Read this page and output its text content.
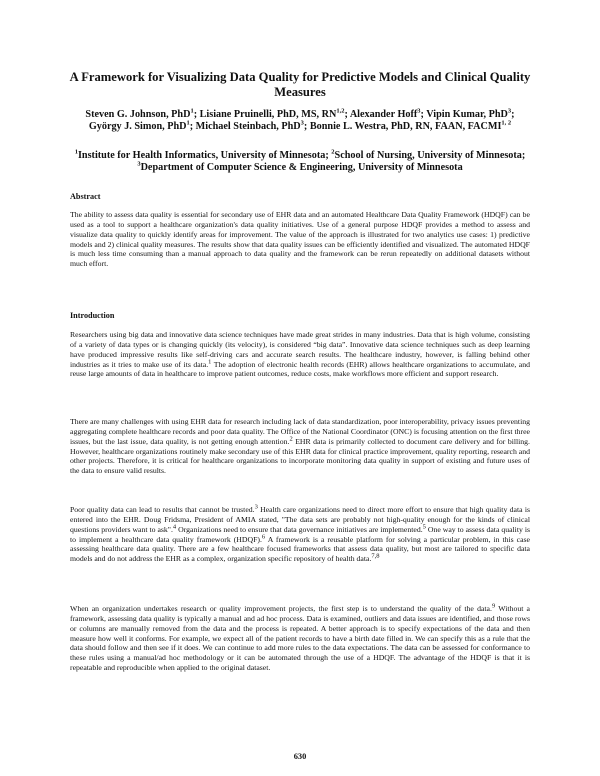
A Framework for Visualizing Data Quality for Predictive Models and Clinical Quality Measures
Steven G. Johnson, PhD$^1$; Lisiane Pruinelli, PhD, MS, RN$^{1,2}$; Alexander Hoff$^3$; Vipin Kumar, PhD$^3$; György J. Simon, PhD$^1$; Michael Steinbach, PhD$^3$; Bonnie L. Westra, PhD, RN, FAAN, FACMI$^{1, 2}$
$^1$Institute for Health Informatics, University of Minnesota; $^2$School of Nursing, University of Minnesota; $^3$Department of Computer Science & Engineering, University of Minnesota
Abstract

The ability to assess data quality is essential for secondary use of EHR data and an automated Healthcare Data Quality Framework (HDQF) can be used as a tool to support a healthcare organization's data quality initiatives. Use of a general purpose HDQF provides a method to assess and visualize data quality to quickly identify areas for improvement. The value of the approach is illustrated for two analytics use cases: 1) predictive models and 2) clinical quality measures. The results show that data quality issues can be efficiently identified and visualized. The automated HDQF is much less time consuming than a manual approach to data quality and the framework can be rerun repeatedly on additional datasets without much effort.

Introduction

Researchers using big data and innovative data science techniques have made great strides in many industries. Data that is high volume, consisting of a variety of data types or is changing quickly (its velocity), is considered “big data”. Innovative data science techniques such as deep learning have produced impressive results like self-driving cars and accurate search results. The healthcare industry, however, is falling behind other industries as it tries to make use of its data.$^1$ The adoption of electronic health records (EHR) allows healthcare organizations to accumulate, and reuse large amounts of data in healthcare to improve patient outcomes, reduce costs, make workflows more efficient and support research.

There are many challenges with using EHR data for research including lack of data standardization, poor interoperability, privacy issues preventing aggregating complete healthcare records and poor data quality. The Office of the National Coordinator (ONC) is focusing attention on the first three issues, but the last issue, data quality, is not getting enough attention.$^2$ EHR data is primarily collected to document care delivery and for billing. However, healthcare organizations routinely make secondary use of this EHR data for clinical practice improvement, quality reporting, research and other projects. Therefore, it is critical for healthcare organizations to incorporate monitoring data quality in support of existing and future uses of the data to ensure valid results.

Poor quality data can lead to results that cannot be trusted.$^3$ Health care organizations need to direct more effort to ensure that high quality data is entered into the EHR. Doug Fridsma, President of AMIA stated, "The data sets are probably not high-quality enough for the kinds of clinical questions providers want to ask".$^4$ Organizations need to ensure that data governance initiatives are implemented.$^5$ One way to assess data quality is to implement a healthcare data quality framework (HDQF).$^6$ A framework is a reusable platform for solving a particular problem, in this case assessing healthcare data quality. There are a few healthcare focused frameworks that assess data quality, but most are tailored to specific data models and do not address the EHR as a complex, organization specific repository of health data.$^{7,8}$

When an organization undertakes research or quality improvement projects, the first step is to understand the quality of the data.$^9$ Without a framework, assessing data quality is typically a manual and ad hoc process. Data is examined, outliers and data issues are identified, and those rows or columns are manually removed from the data and the process is repeated. A better approach is to specify expectations of the data and then measure how well it conforms. For example, we expect all of the patient records to have a birth date filled in. We can specify this as a rule that the data should follow and then see if it does. We can continue to add more rules to the data expectations. The data can be assessed for conformance to these rules using a manual/ad hoc methodology or it can be automated through the use of a HDQF. The advantage of the HDQF is that it is repeatable and reproducible when applied to the original dataset.

630
